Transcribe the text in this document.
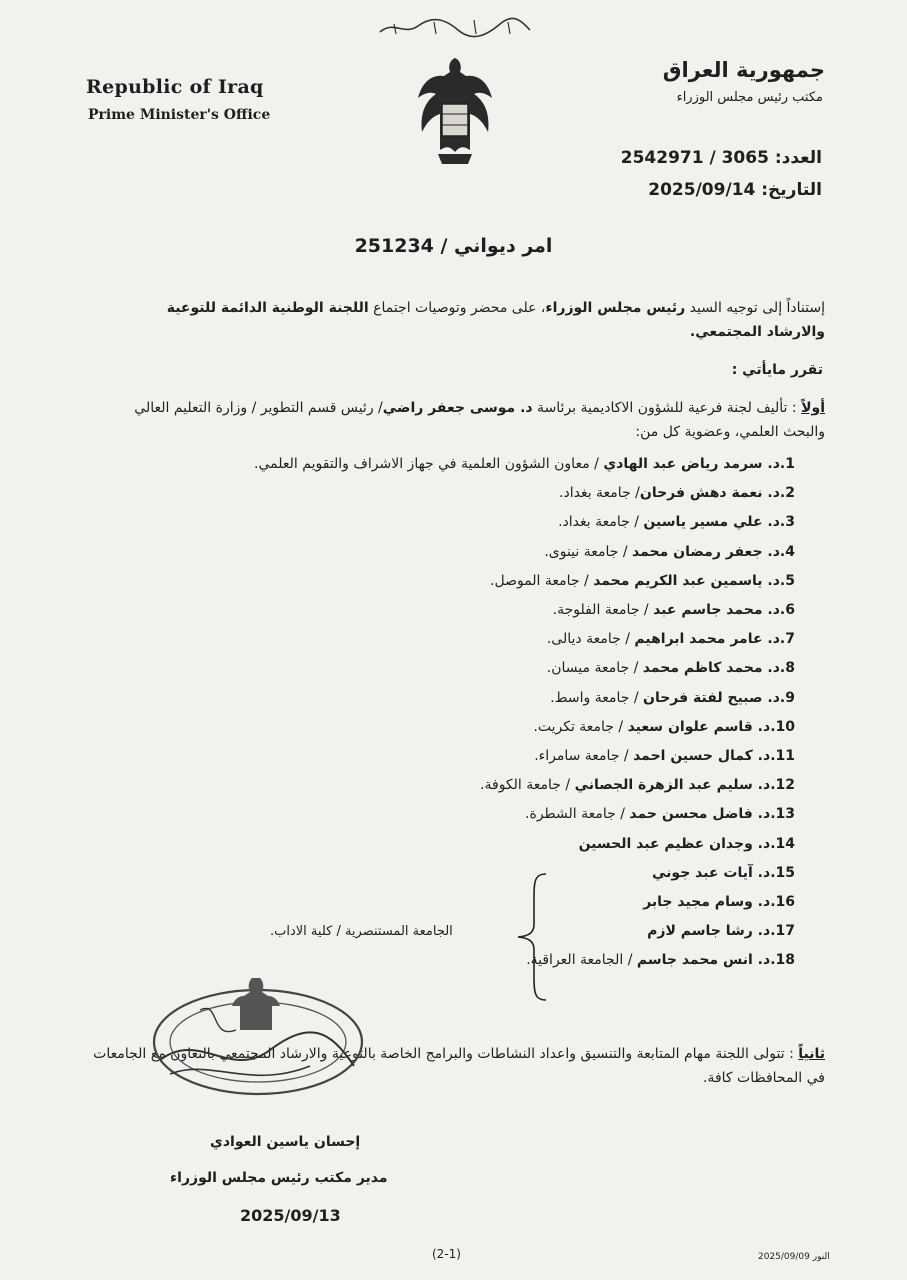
Republic of Iraq
Prime Minister's Office
جمهورية العراق
مكتب رئيس مجلس الوزراء
العدد: 2542971 / 3065
التاريخ: 2025/09/14
امر ديواني / 251234
إستناداً إلى توجيه السيد رئيس مجلس الوزراء، على محضر وتوصيات اجتماع اللجنة الوطنية الدائمة للتوعية والارشاد المجتمعي.
تقرر مايأتي :
أولاً : تأليف لجنة فرعية للشؤون الاكاديمية برئاسة د. موسى جعفر راضي/ رئيس قسم التطوير / وزارة التعليم العالي والبحث العلمي، وعضوية كل من:
1.د. سرمد رياض عبد الهادي / معاون الشؤون العلمية في جهاز الاشراف والتقويم العلمي.
2.د. نعمة دهش فرحان/ جامعة بغداد.
3.د. علي مسير ياسين / جامعة بغداد.
4.د. جعفر رمضان محمد / جامعة نينوى.
5.د. ياسمين عبد الكريم محمد / جامعة الموصل.
6.د. محمد جاسم عبد / جامعة الفلوجة.
7.د. عامر محمد ابراهيم / جامعة ديالى.
8.د. محمد كاظم محمد / جامعة ميسان.
9.د. صبيح لفتة فرحان / جامعة واسط.
10.د. قاسم علوان سعيد / جامعة تكريت.
11.د. كمال حسين احمد / جامعة سامراء.
12.د. سليم عبد الزهرة الجصاني / جامعة الكوفة.
13.د. فاضل محسن حمد / جامعة الشطرة.
14.د. وجدان عظيم عبد الحسين
15.د. آيات عبد جوني
16.د. وسام مجيد جابر
17.د. رشا جاسم لازم
18.د. انس محمد جاسم / الجامعة العراقية.
الجامعة المستنصرية / كلية الاداب.
ثانياً : تتولى اللجنة مهام المتابعة والتنسيق واعداد النشاطات والبرامج الخاصة بالتوعية والارشاد المجتمعي بالتعاون مع الجامعات في المحافظات كافة.
إحسان ياسين العوادي
مدير مكتب رئيس مجلس الوزراء
2025/09/13
(2-1)	النور 2025/09/09
